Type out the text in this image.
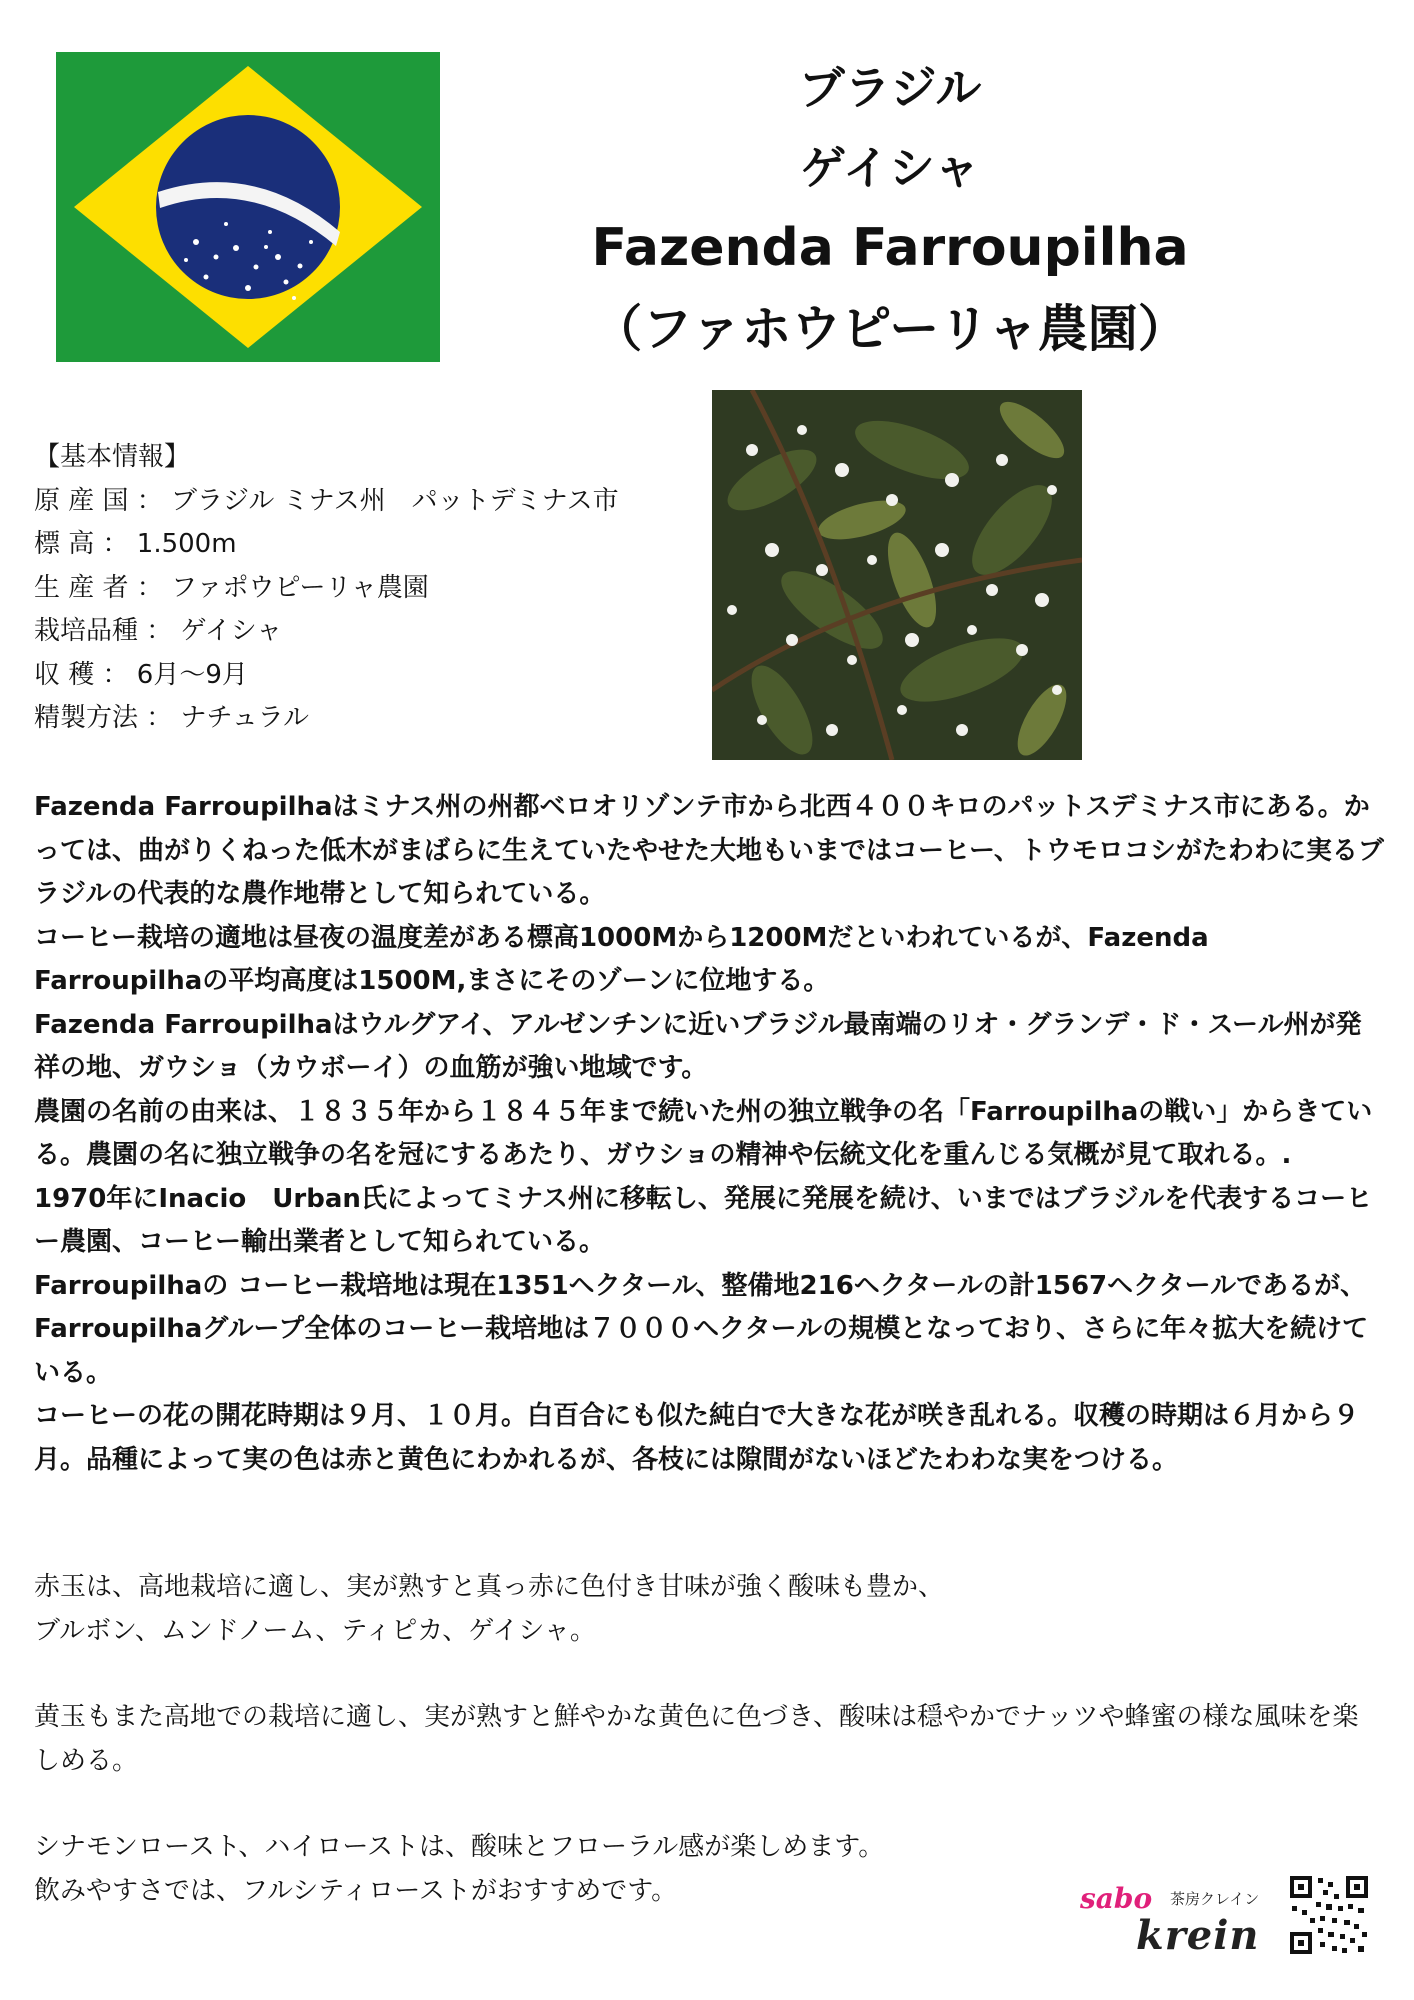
ブラジル
ゲイシャ
Fazenda Farroupilha
（ファホウピーリャ農園）
【基本情報】
原 産 国 ： ブラジル ミナス州　パットデミナス市
標 高 ： 1.500m
生 産 者 ： ファポウピーリャ農園
栽培品種 ： ゲイシャ
収 穫 ： 6月～9月
精製方法 ： ナチュラル

Fazenda Farroupilhaはミナス州の州都ベロオリゾンテ市から北西４００キロのパットスデミナス市にある。かっては、曲がりくねった低木がまばらに生えていたやせた大地もいまではコーヒー、トウモロコシがたわわに実るブラジルの代表的な農作地帯として知られている。

コーヒー栽培の適地は昼夜の温度差がある標高1000Mから1200Mだといわれているが、Fazenda Farroupilhaの平均高度は1500M,まさにそのゾーンに位地する。

Fazenda Farroupilhaはウルグアイ、アルゼンチンに近いブラジル最南端のリオ・グランデ・ド・スール州が発祥の地、ガウショ（カウボーイ）の血筋が強い地域です。

農園の名前の由来は、１８３５年から１８４５年まで続いた州の独立戦争の名「Farroupilhaの戦い」からきている。農園の名に独立戦争の名を冠にするあたり、ガウショの精神や伝統文化を重んじる気概が見て取れる。.

1970年にInacio　Urban氏によってミナス州に移転し、発展に発展を続け、いまではブラジルを代表するコーヒー農園、コーヒー輸出業者として知られている。

Farroupilhaの コーヒー栽培地は現在1351ヘクタール、整備地216ヘクタールの計1567ヘクタールであるが、Farroupilhaグループ全体のコーヒー栽培地は７０００ヘクタールの規模となっており、さらに年々拡大を続けている。

コーヒーの花の開花時期は９月、１０月。白百合にも似た純白で大きな花が咲き乱れる。収穫の時期は６月から９月。品種によって実の色は赤と黄色にわかれるが、各枝には隙間がないほどたわわな実をつける。

赤玉は、高地栽培に適し、実が熟すと真っ赤に色付き甘味が強く酸味も豊か、

ブルボン、ムンドノーム、ティピカ、ゲイシャ。

黄玉もまた高地での栽培に適し、実が熟すと鮮やかな黄色に色づき、酸味は穏やかでナッツや蜂蜜の様な風味を楽しめる。

シナモンロースト、ハイローストは、酸味とフローラル感が楽しめます。

飲みやすさでは、フルシティローストがおすすめです。	sabo 茶房クレイン
krein
